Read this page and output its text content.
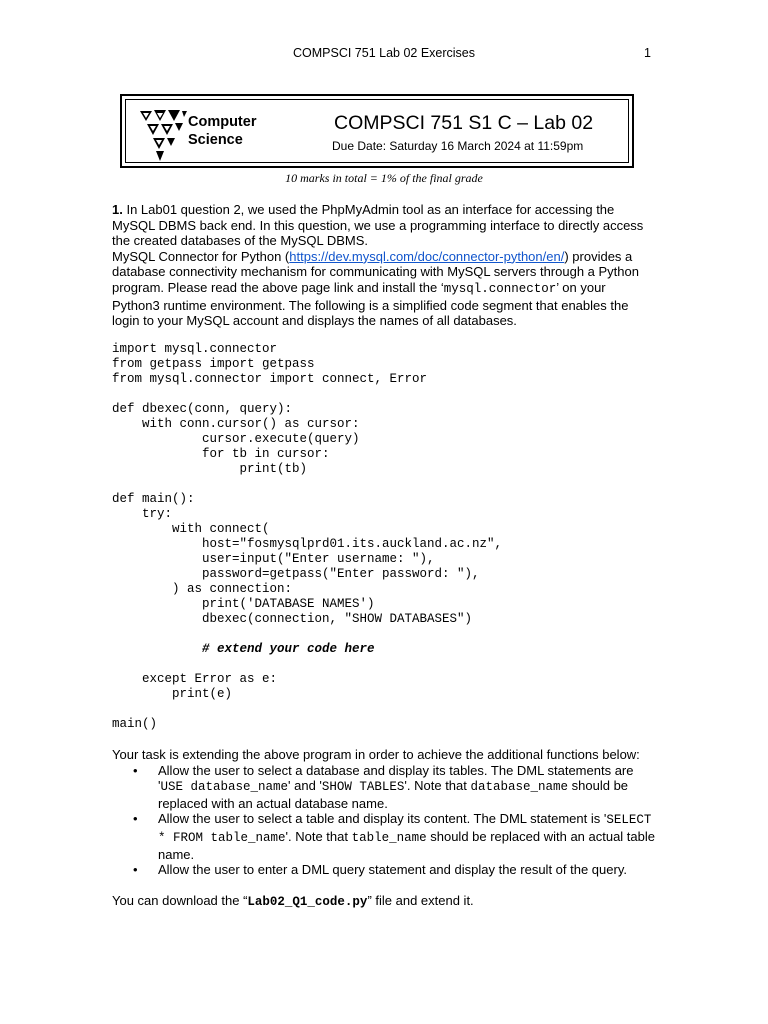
COMPSCI 751 Lab 02 Exercises	1
Computer
Science
COMPSCI 751 S1 C – Lab 02
Due Date: Saturday 16 March 2024 at 11:59pm
10 marks in total = 1% of the final grade

1. In Lab01 question 2, we used the PhpMyAdmin tool as an interface for accessing the MySQL DBMS back end. In this question, we use a programming interface to directly access the created databases of the MySQL DBMS.

MySQL Connector for Python (https://dev.mysql.com/doc/connector-python/en/) provides a database connectivity mechanism for communicating with MySQL servers through a Python program. Please read the above page link and install the ‘mysql.connector’ on your Python3 runtime environment. The following is a simplified code segment that enables the login to your MySQL account and displays the names of all databases.

import mysql.connector
from getpass import getpass
from mysql.connector import connect, Error

def dbexec(conn, query):
with conn.cursor() as cursor:
cursor.execute(query)
for tb in cursor:
print(tb)

def main():
try:
with connect(
host="fosmysqlprd01.its.auckland.ac.nz",
user=input("Enter username: "),
password=getpass("Enter password: "),
) as connection:
print('DATABASE NAMES')
dbexec(connection, "SHOW DATABASES")

# extend your code here

except Error as e:
print(e)

main()

Your task is extending the above program in order to achieve the additional functions below:

• Allow the user to select a database and display its tables. The DML statements are 'USE database_name' and 'SHOW TABLES'. Note that database_name should be replaced with an actual database name.
• Allow the user to select a table and display its content. The DML statement is 'SELECT * FROM table_name'. Note that table_name should be replaced with an actual table name.
• Allow the user to enter a DML query statement and display the result of the query.
You can download the “Lab02_Q1_code.py” file and extend it.
